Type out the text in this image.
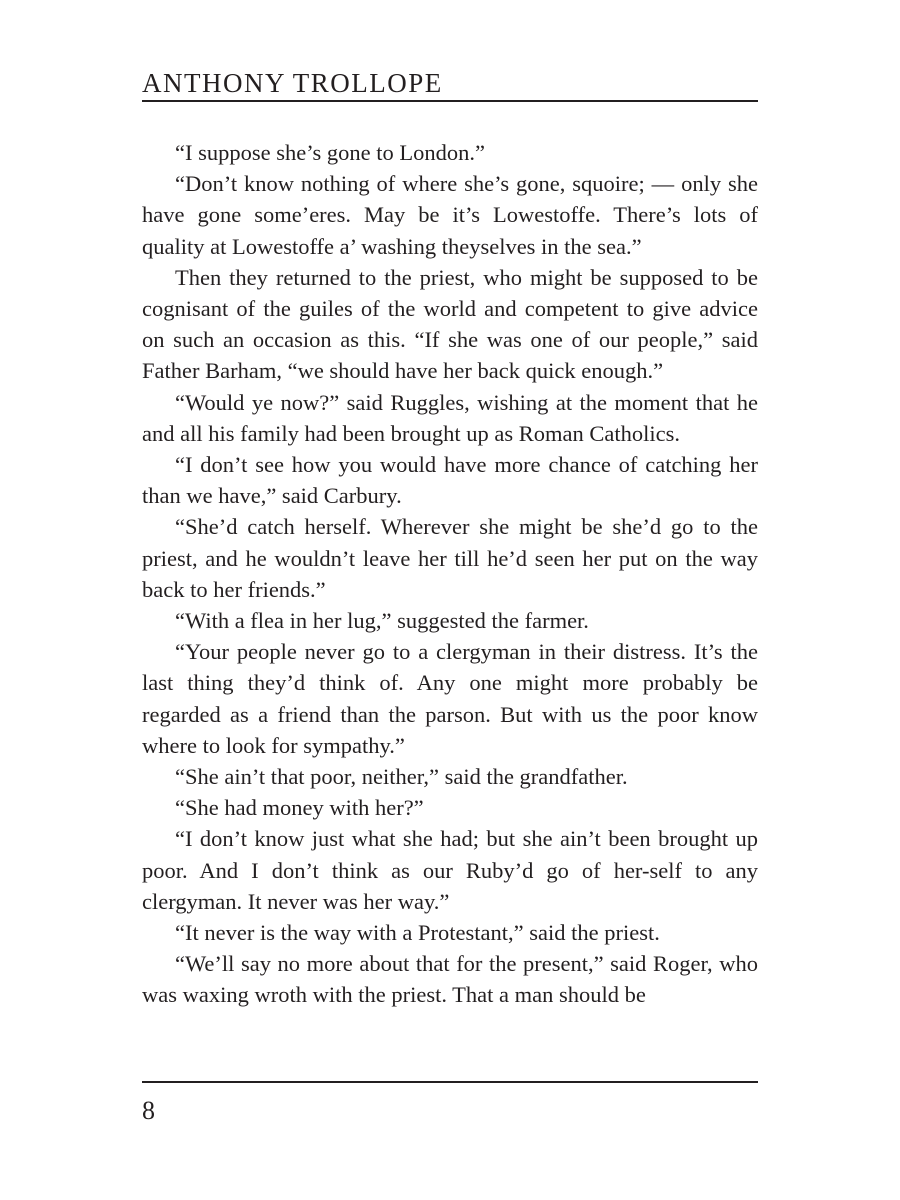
ANTHONY TROLLOPE

“I suppose she’s gone to London.”

“Don’t know nothing of where she’s gone, squoire; — only she have gone some’eres. May be it’s Lowestoffe. There’s lots of quality at Lowestoffe a’ washing theyselves in the sea.”

Then they returned to the priest, who might be supposed to be cognisant of the guiles of the world and competent to give advice on such an occasion as this. “If she was one of our people,” said Father Barham, “we should have her back quick enough.”

“Would ye now?” said Ruggles, wishing at the moment that he and all his family had been brought up as Roman Catholics.

“I don’t see how you would have more chance of catching her than we have,” said Carbury.

“She’d catch herself. Wherever she might be she’d go to the priest, and he wouldn’t leave her till he’d seen her put on the way back to her friends.”

“With a flea in her lug,” suggested the farmer.

“Your people never go to a clergyman in their distress. It’s the last thing they’d think of. Any one might more probably be regarded as a friend than the parson. But with us the poor know where to look for sympathy.”

“She ain’t that poor, neither,” said the grandfather.

“She had money with her?”

“I don’t know just what she had; but she ain’t been brought up poor. And I don’t think as our Ruby’d go of her-self to any clergyman. It never was her way.”

“It never is the way with a Protestant,” said the priest.

“We’ll say no more about that for the present,” said Roger, who was waxing wroth with the priest. That a man should be

8
